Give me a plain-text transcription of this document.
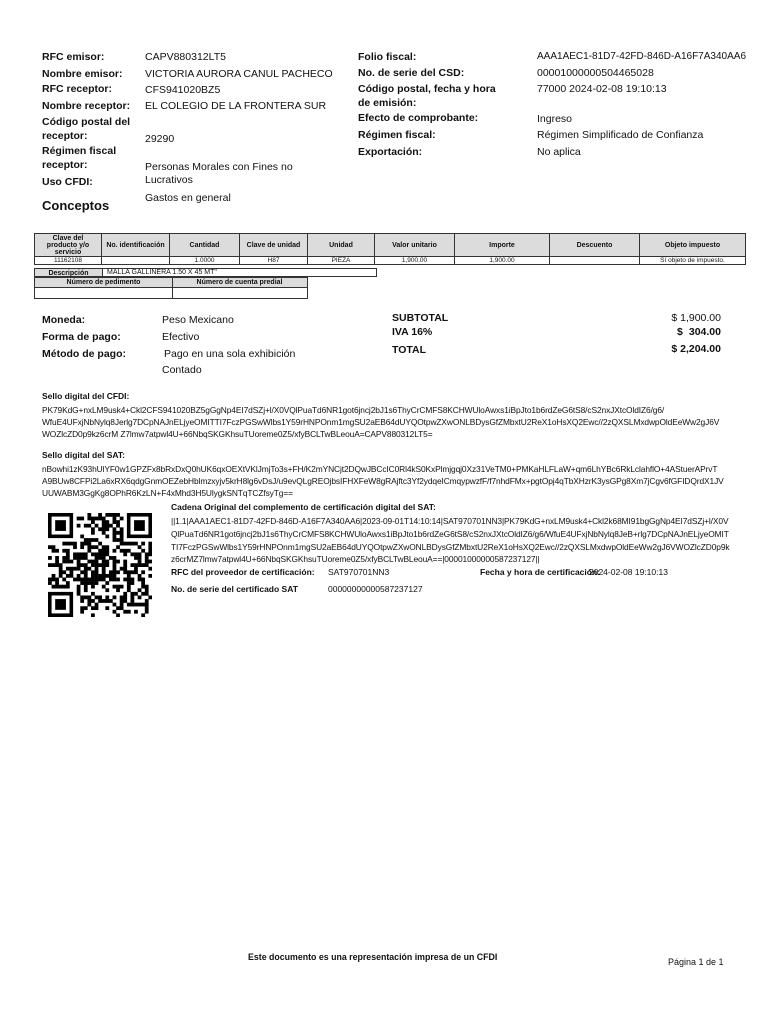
RFC emisor:	CAPV880312LT5
Nombre emisor: VICTORIA AURORA CANUL PACHECO
RFC receptor:	CFS941020BZ5
Nombre receptor: EL COLEGIO DE LA FRONTERA SUR
Código postal del receptor:	29290
Régimen fiscal receptor:	Personas Morales con Fines no Lucrativos
Uso CFDI:
Gastos en general
Conceptos
Folio fiscal:	AAA1AEC1-81D7-42FD-846D-A16F7A340AA6
No. de serie del CSD:	00001000000504465028
Código postal, fecha y hora de emisión:
77000 2024-02-08 19:10:13
Efecto de comprobante:	Ingreso
Régimen fiscal:	Régimen Simplificado de Confianza
Exportación:	No aplica
Clave del producto y/o servicio	No. identificación	Cantidad	Clave de unidad	Unidad	Valor unitario	Importe	Descuento	Objeto impuesto
11162108		1.0000	H87	PIEZA	1,900.00	1,900.00		Sí objeto de impuesto.
Descripción	MALLA GALLINERA 1.50 X 45 MT"
Número de pedimento	Número de cuenta predial
Moneda:	Peso Mexicano
Forma de pago:	Efectivo
Método de pago:	Pago en una sola exhibición
Contado
SUBTOTAL	$ 1,900.00
IVA 16%	$ 304.00
TOTAL	$ 2,204.00
Sello digital del CFDI:
PK79KdG+nxLM9usk4+Ckl2CFS941020BZ5gGgNp4EI7dSZj+l/X0VQlPuaTd6NR1got6jncj2bJ1s6ThyCrCMFS8KCHWUloAwxs1iBpJto1b6rdZeG6tS8/cS2nxJXtcOldIZ6/g6/
WfuE4UFxjNbNylq8Jerlg7DCpNAJnELjyeOMITTI7FczPGSwWlbs1Y59rHNPOnm1mgSU2aEB64dUYQOtpwZXwONLBDysGfZMbxtU2ReX1oHsXQ2Ewc//2zQXSLMxdwpOldEeWw2gJ6V
WOZlcZD0p9kz6crM Z7lmw7atpwl4U+66NbqSKGKhsuTUoreme0Z5/xfyBCLTwBLeouA=CAPV880312LT5=
Sello digital del SAT:
nBowhi1zK93hUlYF0w1GPZFx8bRxDxQ0hUK6qxOEXtVKlJmjTo3s+FH/K2mYNCjt2DQwJBCcIC0Rl4kS0KxPlmjgqj0Xz31VeTM0+PMKaHLFLaW+qm6LhYBc6RkLclahflO+4AStuerAPrvT
A9BUw8CFPi2La6xRX6qdgGnmOEZebHblmzxyjv5krH8lg6vDsJ/u9evQLgREOjbsIFHXFeW8gRAjftc3Yf2ydqeICmqypwzfF/f7nhdFMx+pgtOpj4qTbXHzrK3ysGPg8Xm7jCgv6fGFIDQrdX1JV
UUWABM3GgKg8OPhR6KzLN+F4xMhd3H5UlygkSNTqTCZfsyTg==
Cadena Original del complemento de certificación digital del SAT:
||1.1|AAA1AEC1-81D7-42FD-846D-A16F7A340AA6|2023-09-01T14:10:14|SAT970701NN3|PK79KdG+nxLM9usk4+Ckl2k68MI91bgGgNp4EI7dSZj+l/X0V
QlPuaTd6NR1got6jncj2bJ1s6ThyCrCMFS8KCHWUloAwxs1iBpJto1b6rdZeG6tS8/cS2nxJXtcOldIZ6/g6/WfuE4UFxjNbNylq8JeB+rlg7DCpNAJnELjyeOMIT
TI7FczPGSwWlbs1Y59rHNPOnm1mgSU2aEB64dUYQOtpwZXwONLBDysGfZMbxtU2ReX1oHsXQ2Ewc//2zQXSLMxdwpOldEeWw2gJ6VWOZlcZD0p9k
z6crMZ7lmw7atpwl4U+66NbqSKGKhsuTUoreme0Z5/xfyBCLTwBLeouA==|00001000000587237127||
RFC del proveedor de certificación: SAT970701NN3	Fecha y hora de certificación:
2024-02-08 19:10:13
No. de serie del certificado SAT	00000000000587237127
Este documento es una representación impresa de un CFDI	Página 1 de 1
